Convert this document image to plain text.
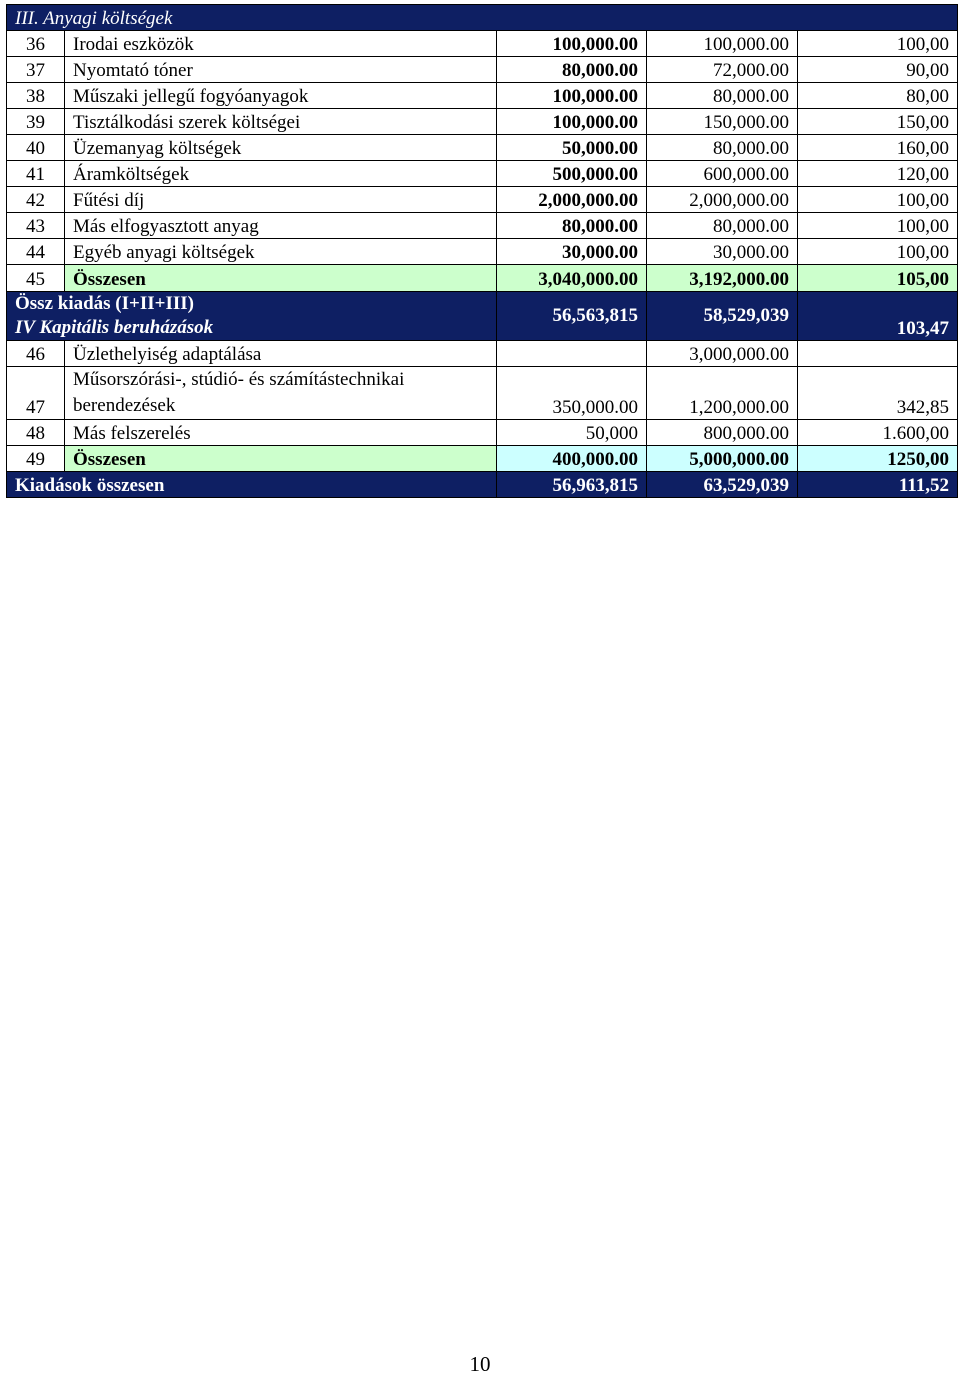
III. Anyagi költségek				
36	Irodai eszközök	100,000.00	100,000.00	100,00
37	Nyomtató tóner	80,000.00	72,000.00	90,00
38	Műszaki jellegű fogyóanyagok	100,000.00	80,000.00	80,00
39	Tisztálkodási szerek költségei	100,000.00	150,000.00	150,00
40	Üzemanyag költségek	50,000.00	80,000.00	160,00
41	Áramköltségek	500,000.00	600,000.00	120,00
42	Fűtési díj	2,000,000.00	2,000,000.00	100,00
43	Más elfogyasztott anyag	80,000.00	80,000.00	100,00
44	Egyéb anyagi költségek	30,000.00	30,000.00	100,00
45	Összesen	3,040,000.00	3,192,000.00	105,00

Össz kiadás (I+II+III)
IV Kapitális beruházások		56,563,815	58,529,039	103,47
46	Üzlethelyiség adaptálása		3,000,000.00	
47	Műsorszórási-, stúdió- és számítástechnikai berendezések	350,000.00	1,200,000.00	342,85
48	Más felszerelés	50,000	800,000.00	1.600,00
49	Összesen	400,000.00	5,000,000.00	1250,00
Kiadások összesen		56,963,815	63,529,039	111,52
10
